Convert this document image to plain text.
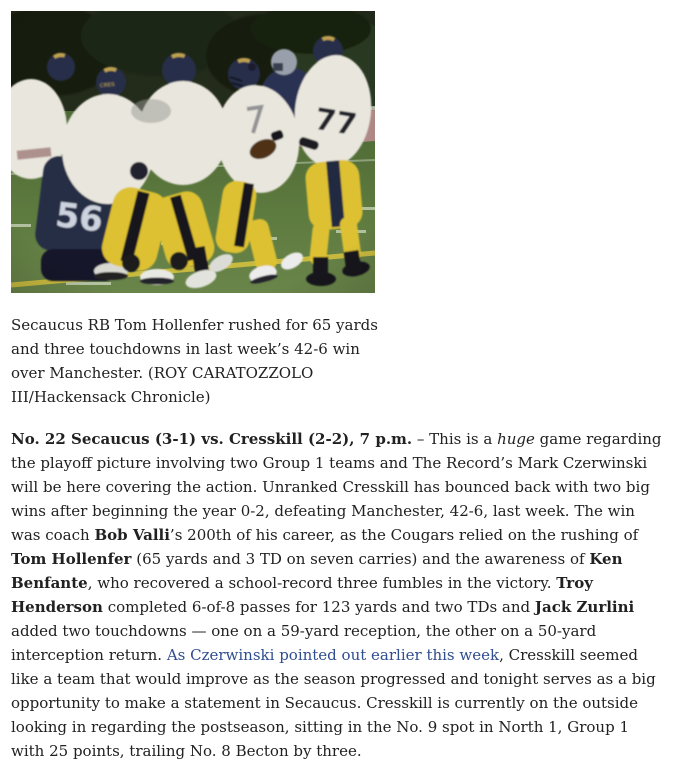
Secaucus RB Tom Hollenfer rushed for 65 yards and three touchdowns in last week’s 42-6 win over Manchester. (ROY CARATOZZOLO III/Hackensack Chronicle)

No. 22 Secaucus (3-1) vs. Cresskill (2-2), 7 p.m. – This is a huge game regarding the playoff picture involving two Group 1 teams and The Record’s Mark Czerwinski will be here covering the action. Unranked Cresskill has bounced back with two big wins after beginning the year 0-2, defeating Manchester, 42-6, last week. The win was coach Bob Valli’s 200th of his career, as the Cougars relied on the rushing of Tom Hollenfer (65 yards and 3 TD on seven carries) and the awareness of Ken Benfante, who recovered a school-record three fumbles in the victory. Troy Henderson completed 6-of-8 passes for 123 yards and two TDs and Jack Zurlini added two touchdowns — one on a 59-yard reception, the other on a 50-yard interception return. As Czerwinski pointed out earlier this week, Cresskill seemed like a team that would improve as the season progressed and tonight serves as a big opportunity to make a statement in Secaucus. Cresskill is currently on the outside looking in regarding the postseason, sitting in the No. 9 spot in North 1, Group 1 with 25 points, trailing No. 8 Becton by three.
